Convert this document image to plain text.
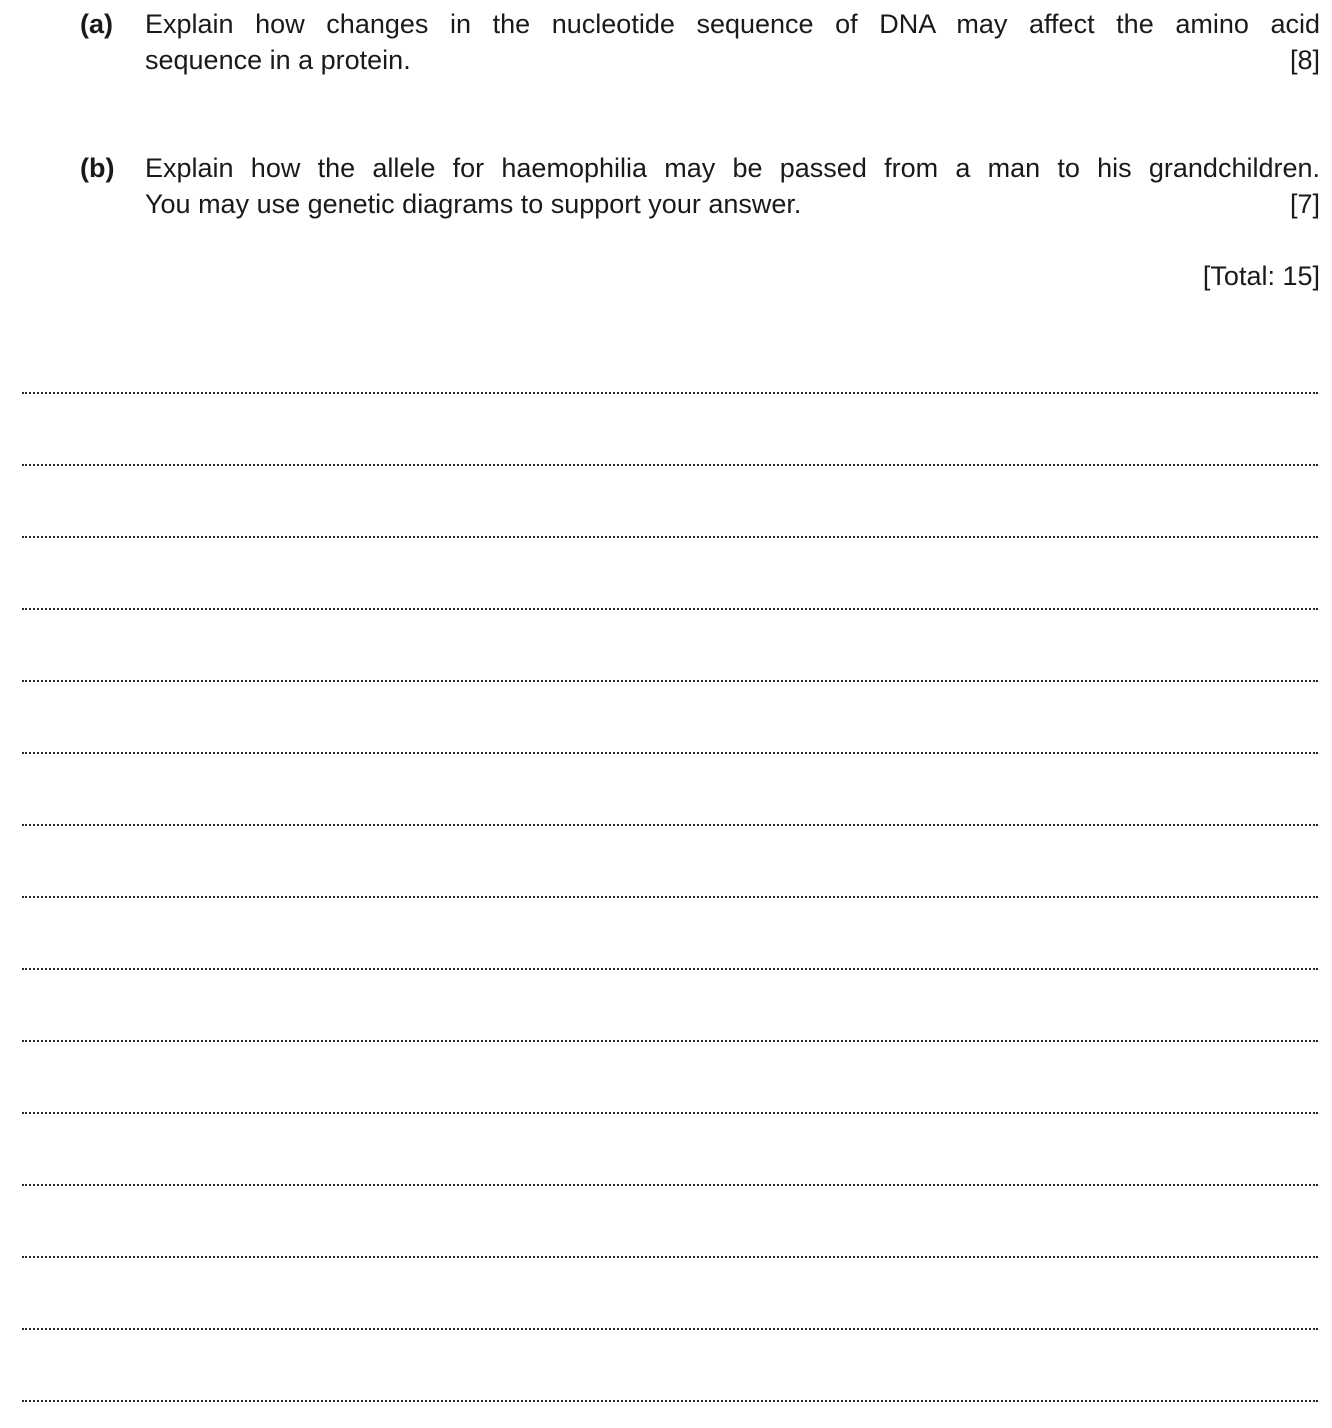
(a) Explain how changes in the nucleotide sequence of DNA may affect the amino acid
sequence in a protein.	[8]
(b) Explain how the allele for haemophilia may be passed from a man to his grandchildren.
You may use genetic diagrams to support your answer.	[7]
[Total: 15]
